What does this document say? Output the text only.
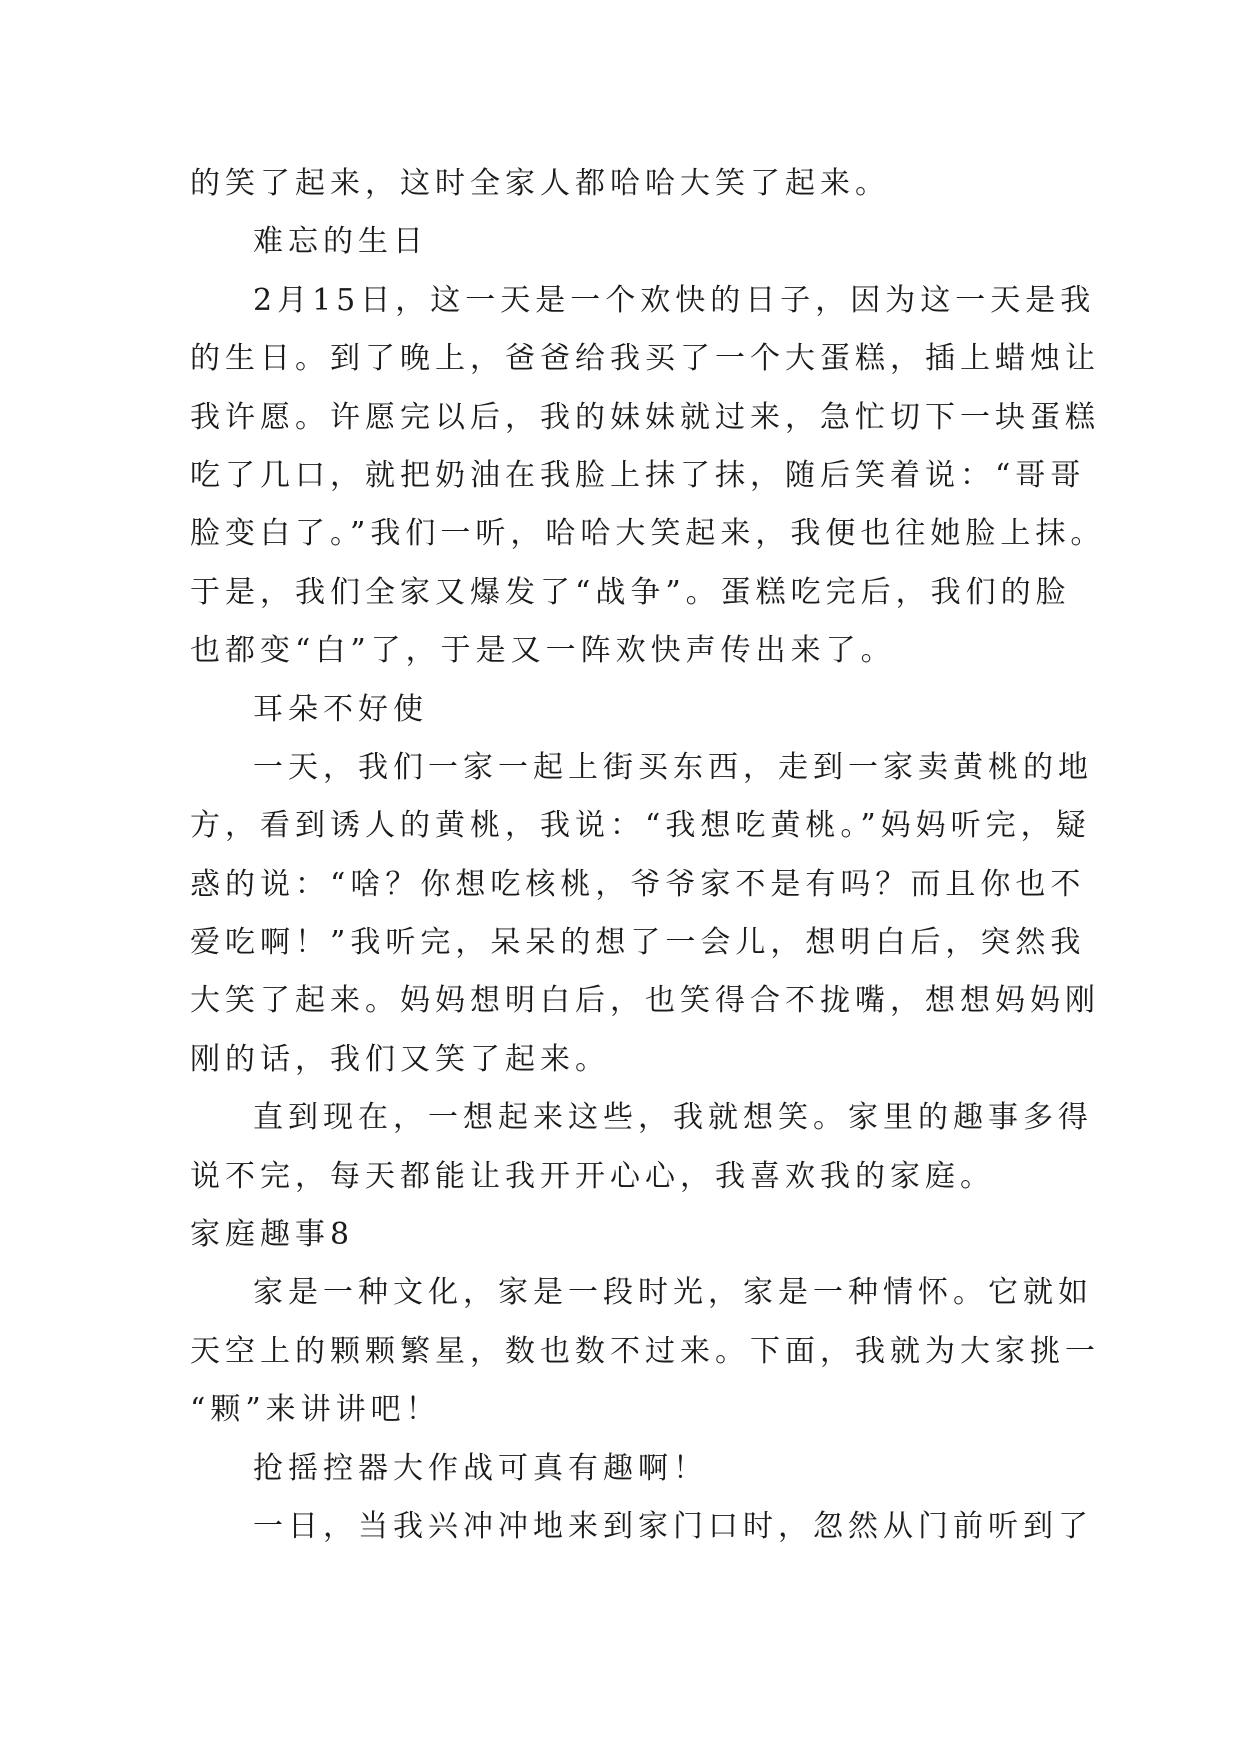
的笑了起来，这时全家人都哈哈大笑了起来。
难忘的生日
2月15日，这一天是一个欢快的日子，因为这一天是我
的生日。到了晚上，爸爸给我买了一个大蛋糕，插上蜡烛让
我许愿。许愿完以后，我的妹妹就过来，急忙切下一块蛋糕
吃了几口，就把奶油在我脸上抹了抹，随后笑着说：“哥哥
脸变白了。”我们一听，哈哈大笑起来，我便也往她脸上抹。
于是，我们全家又爆发了“战争”。蛋糕吃完后，我们的脸
也都变“白”了，于是又一阵欢快声传出来了。
耳朵不好使
一天，我们一家一起上街买东西，走到一家卖黄桃的地
方，看到诱人的黄桃，我说：“我想吃黄桃。”妈妈听完，疑
惑的说：“啥？你想吃核桃，爷爷家不是有吗？而且你也不
爱吃啊！”我听完，呆呆的想了一会儿，想明白后，突然我
大笑了起来。妈妈想明白后，也笑得合不拢嘴，想想妈妈刚
刚的话，我们又笑了起来。
直到现在，一想起来这些，我就想笑。家里的趣事多得
说不完，每天都能让我开开心心，我喜欢我的家庭。
家庭趣事8
家是一种文化，家是一段时光，家是一种情怀。它就如
天空上的颗颗繁星，数也数不过来。下面，我就为大家挑一
“颗”来讲讲吧！
抢摇控器大作战可真有趣啊！
一日，当我兴冲冲地来到家门口时，忽然从门前听到了
